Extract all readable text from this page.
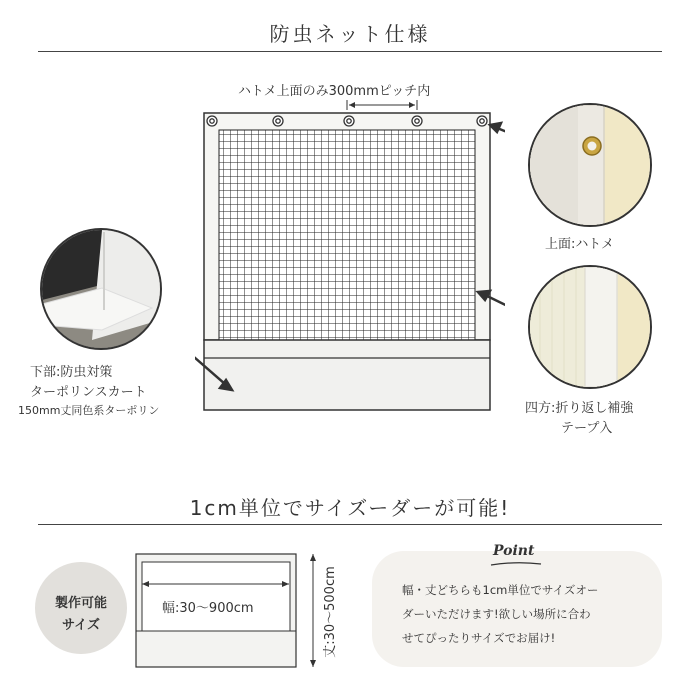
防虫ネット仕様
ハトメ上面のみ300mmピッチ内
上面:ハトメ
下部:防虫対策
ターポリンスカート
150mm丈同色系ターポリン	四方:折り返し補強
テープ入
1cm単位でサイズーダーが可能!
製作可能
サイズ
幅:30〜900cm	丈:30〜500cm
Point
幅・丈どちらも1cm単位でサイズオー
ダーいただけます!欲しい場所に合わ
せてぴったりサイズでお届け!
